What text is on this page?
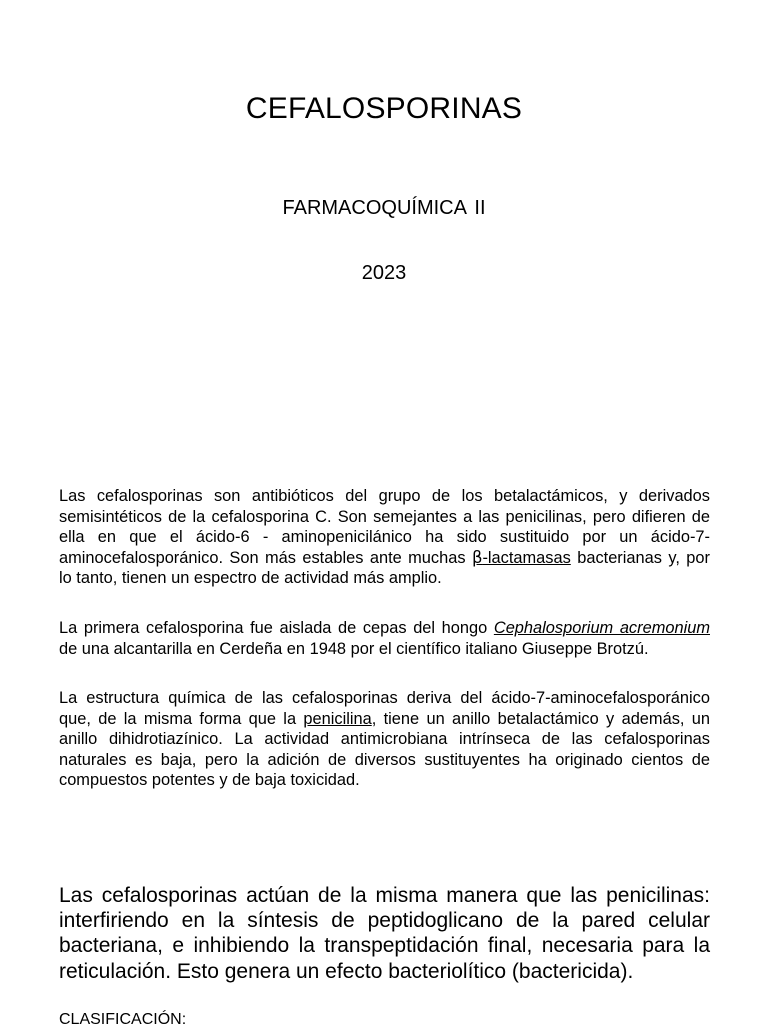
CEFALOSPORINAS

FARMACOQUÍMICA II

2023

Las cefalosporinas son antibióticos del grupo de los betalactámicos, y derivados semisintéticos de la cefalosporina C. Son semejantes a las penicilinas, pero difieren de ella en que el ácido-6 - aminopenicilánico ha sido sustituido por un ácido-7-aminocefalosporánico. Son más estables ante muchas β-lactamasas bacterianas y, por lo tanto, tienen un espectro de actividad más amplio.

La primera cefalosporina fue aislada de cepas del hongo Cephalosporium acremonium de una alcantarilla en Cerdeña en 1948 por el científico italiano Giuseppe Brotzú.

La estructura química de las cefalosporinas deriva del ácido-7-aminocefalosporánico que, de la misma forma que la penicilina, tiene un anillo betalactámico y además, un anillo dihidrotiazínico. La actividad antimicrobiana intrínseca de las cefalosporinas naturales es baja, pero la adición de diversos sustituyentes ha originado cientos de compuestos potentes y de baja toxicidad.

Las cefalosporinas actúan de la misma manera que las penicilinas: interfiriendo en la síntesis de peptidoglicano de la pared celular bacteriana, e inhibiendo la transpeptidación final, necesaria para la reticulación. Esto genera un efecto bacteriolítico (bactericida).

CLASIFICACIÓN:
